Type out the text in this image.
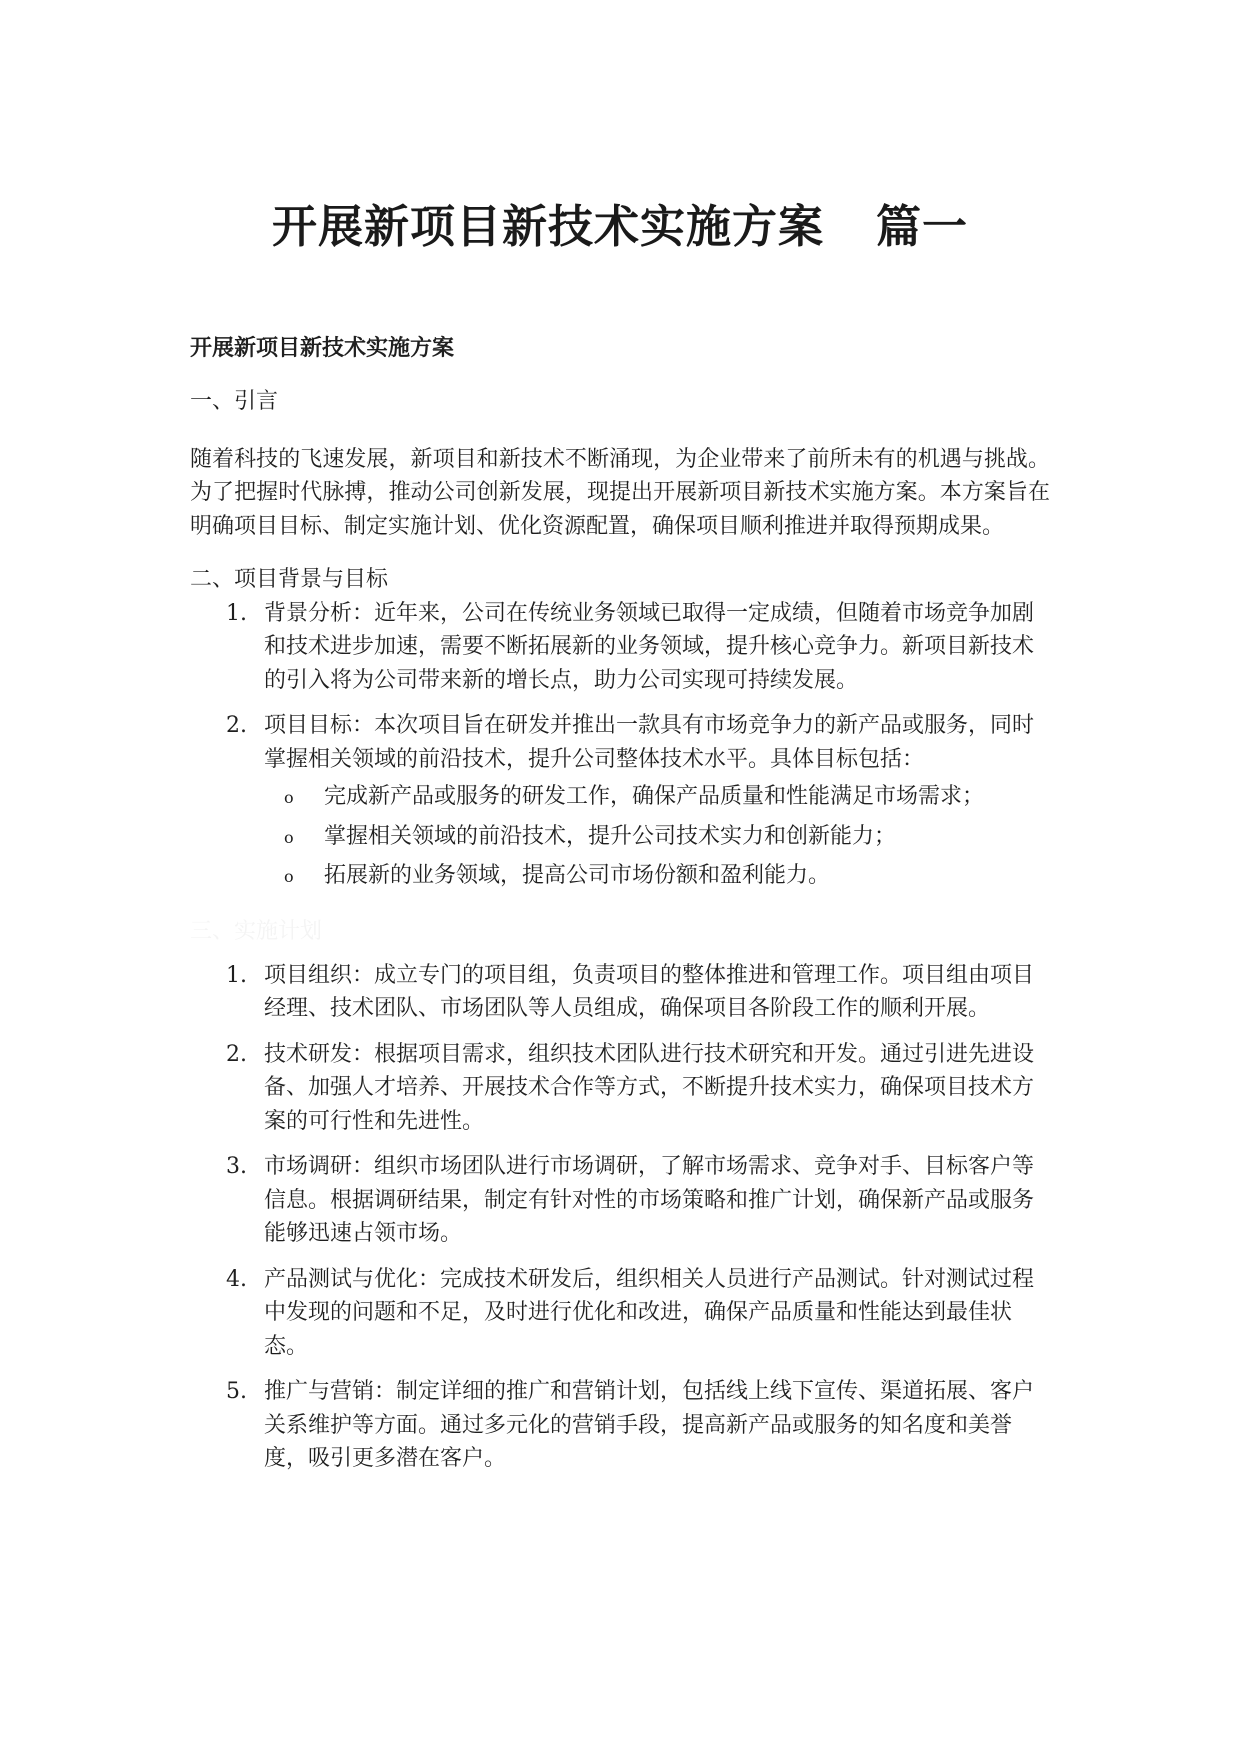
开展新项目新技术实施方案 篇一
开展新项目新技术实施方案

一、引言

随着科技的飞速发展，新项目和新技术不断涌现，为企业带来了前所未有的机遇与挑战。为了把握时代脉搏，推动公司创新发展，现提出开展新项目新技术实施方案。本方案旨在明确项目目标、制定实施计划、优化资源配置，确保项目顺利推进并取得预期成果。

二、项目背景与目标

1. 背景分析：近年来，公司在传统业务领域已取得一定成绩，但随着市场竞争加剧和技术进步加速，需要不断拓展新的业务领域，提升核心竞争力。新项目新技术的引入将为公司带来新的增长点，助力公司实现可持续发展。
2. 项目目标：本次项目旨在研发并推出一款具有市场竞争力的新产品或服务，同时掌握相关领域的前沿技术，提升公司整体技术水平。具体目标包括：
o 完成新产品或服务的研发工作，确保产品质量和性能满足市场需求；
o 掌握相关领域的前沿技术，提升公司技术实力和创新能力；
o 拓展新的业务领域，提高公司市场份额和盈利能力。

三、实施计划

1. 项目组织：成立专门的项目组，负责项目的整体推进和管理工作。项目组由项目经理、技术团队、市场团队等人员组成，确保项目各阶段工作的顺利开展。
2. 技术研发：根据项目需求，组织技术团队进行技术研究和开发。通过引进先进设备、加强人才培养、开展技术合作等方式，不断提升技术实力，确保项目技术方案的可行性和先进性。
3. 市场调研：组织市场团队进行市场调研，了解市场需求、竞争对手、目标客户等信息。根据调研结果，制定有针对性的市场策略和推广计划，确保新产品或服务能够迅速占领市场。
4. 产品测试与优化：完成技术研发后，组织相关人员进行产品测试。针对测试过程中发现的问题和不足，及时进行优化和改进，确保产品质量和性能达到最佳状态。
5. 推广与营销：制定详细的推广和营销计划，包括线上线下宣传、渠道拓展、客户关系维护等方面。通过多元化的营销手段，提高新产品或服务的知名度和美誉度，吸引更多潜在客户。
